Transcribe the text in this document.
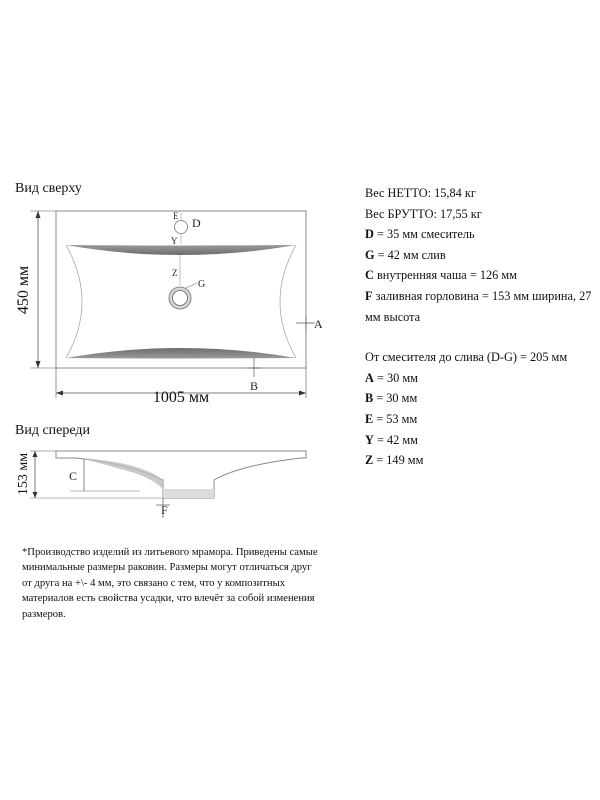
Вид сверху
Вид спереди
E D
Y
Z
G
A
B
1005 мм
450 мм
C
F
153 мм
Вес НЕТТО: 15,84 кг
Вес БРУТТО: 17,55 кг
D = 35 мм смеситель
G = 42 мм слив
C внутренняя чаша = 126 мм
F заливная горловина = 153 мм ширина, 27 мм высота
От смесителя до слива (D-G) = 205 мм
A = 30 мм
B = 30 мм
E = 53 мм
Y = 42 мм
Z = 149 мм
*Производство изделий из литьевого мрамора. Приведены самые минимальные размеры раковин. Размеры могут отличаться друг от друга на +\- 4 мм, это связано с тем, что у композитных материалов есть свойства усадки, что влечёт за собой изменения размеров.
